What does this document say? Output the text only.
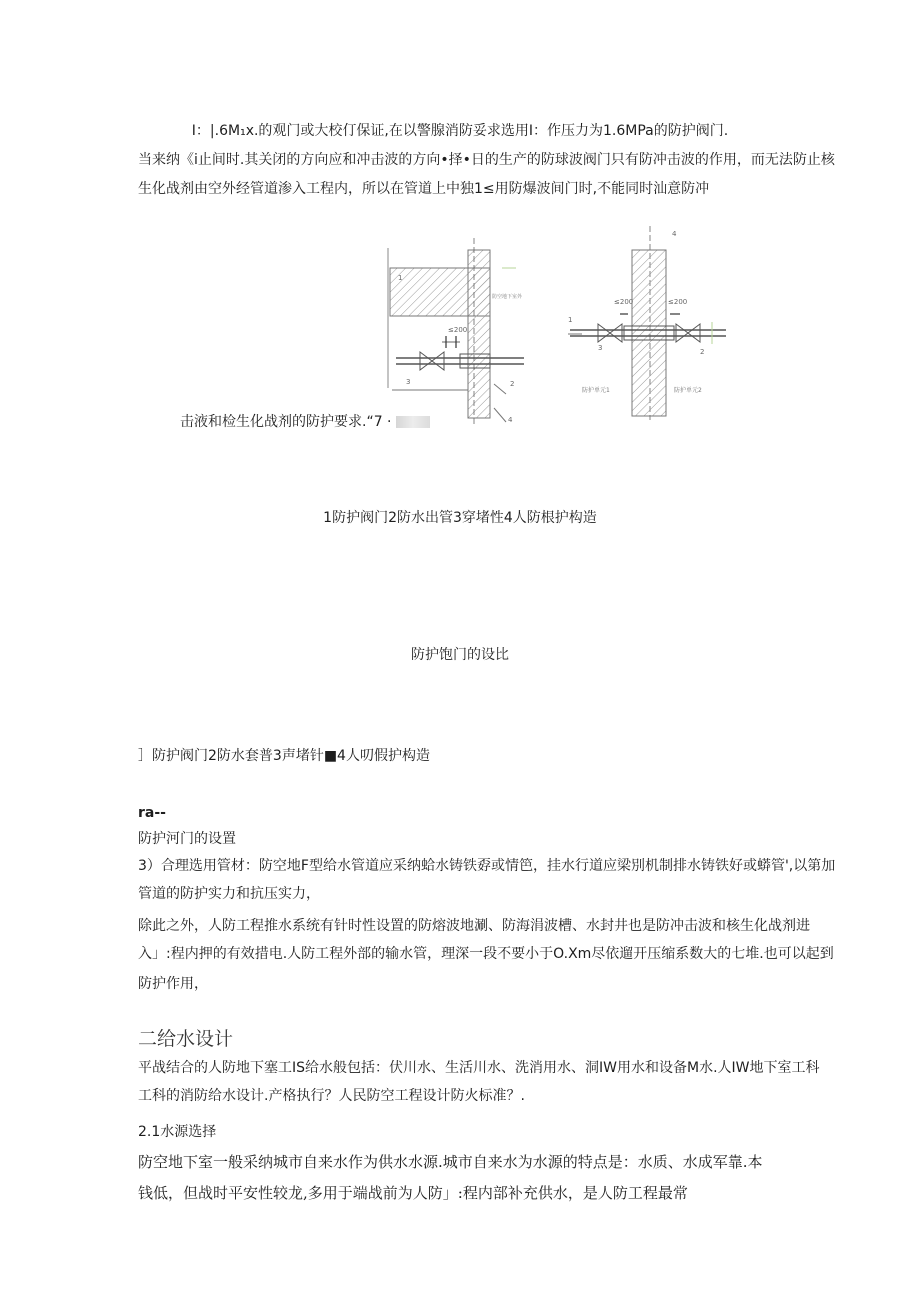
I：|.6M₁x.的观门或大校仃保证,在以警腺消防妥求选用I：作压力为1.6MPa的防护阀门.
当来纳《i止间时.其关闭的方向应和冲击波的方向•择•日的生产的防球波阀门只有防冲击波的作用，而无法防止核
生化战剂由空外经管道渗入工程内，所以在管道上中独1≤用防爆波间门时,不能同时汕意防冲
1
2
3
4
≤200
防空地下室外
1
2
3
4
≤200	≤200
防护单元1	防护单元2
击液和检生化战剂的防护要求.“7 ·
1防护阀门2防水出管3穿堵性4人防根护构造
防护饱门的设比
］防护阀门2防水套普3声堵针■4人叨假护构造
ra--
防护河门的设置
3）合理选用管材：防空地F型给水管道应采纳蛤水铸铁孬或情笆，挂水行道应梁別机制排水铸铁好或蟒管',以第加
管道的防护实力和抗压实力，
除此之外，人防工程推水系统有针时性设置的防熔波地涮、防海涓波槽、水封井也是防冲击波和核生化战剂进
入」:程内押的有效措电.人防工程外部的输水管，理深一段不要小于O.Xm尽依遛开压缩系数大的七堆.也可以起到
防护作用，
二给水设计
平战结合的人防地下塞工IS给水般包括：伏川水、生活川水、洗消用水、洞IW用水和设备M水.人IW地下室工科
工科的消防给水设计.产格执行？人民防空工程设计防火标准？.
2.1水源选择
防空地下室一般采纳城市自来水作为供水水源.城市自来水为水源的特点是：水质、水成军靠.本
钱低，但战时平安性较龙,多用于端战前为人防」:程内部补充供水，是人防工程最常
